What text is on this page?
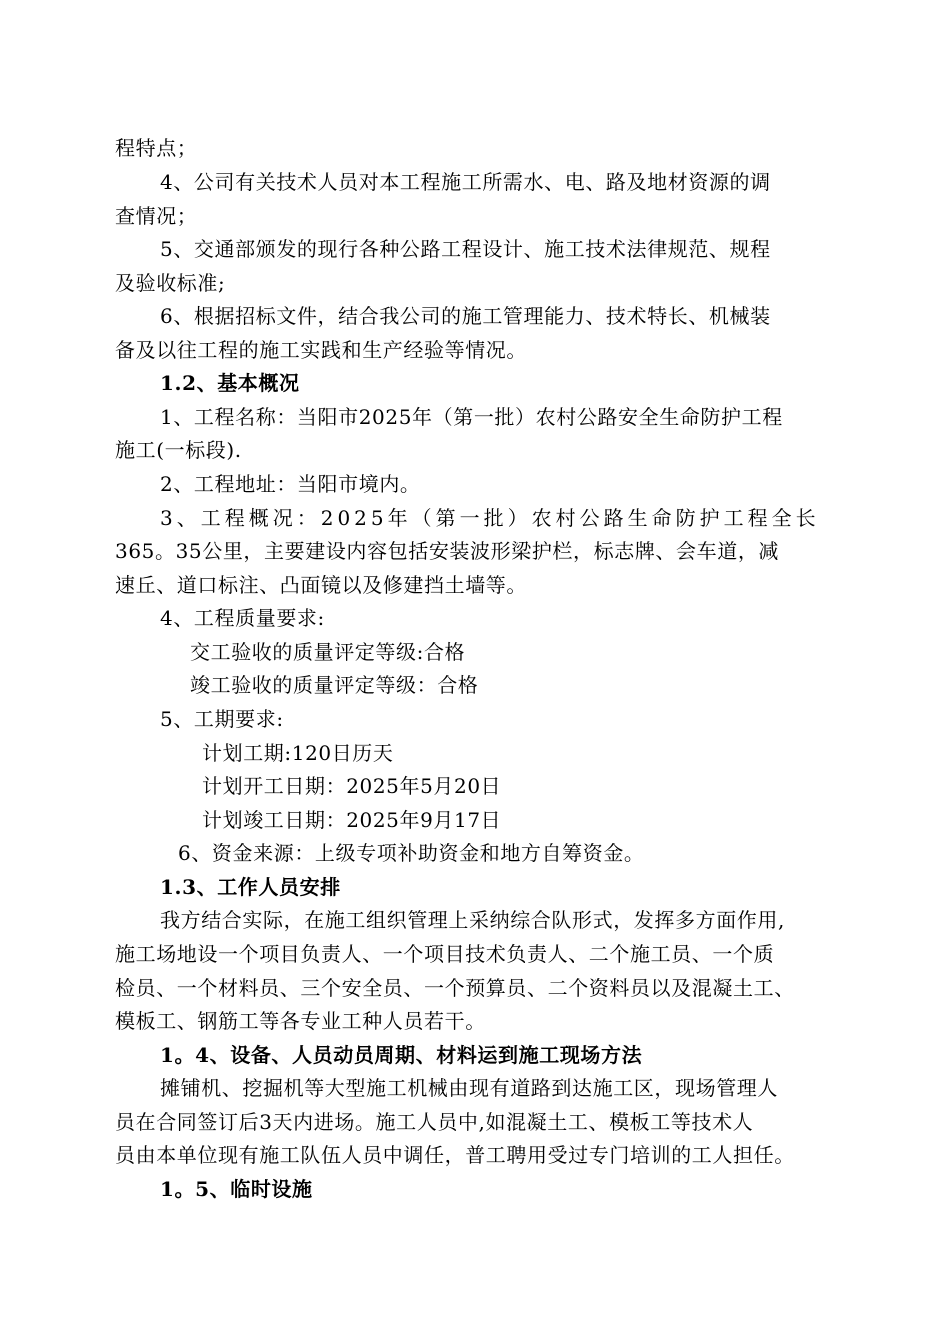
程特点；
4、公司有关技术人员对本工程施工所需水、电、路及地材资源的调
查情况；
5、交通部颁发的现行各种公路工程设计、施工技术法律规范、规程
及验收标准;
6、根据招标文件，结合我公司的施工管理能力、技术特长、机械装
备及以往工程的施工实践和生产经验等情况。
1.2、基本概况
1、工程名称：当阳市2025年（第一批）农村公路安全生命防护工程
施工(一标段).
2、工程地址：当阳市境内。
3、工程概况：2025年（第一批）农村公路生命防护工程全长
365。35公里，主要建设内容包括安装波形梁护栏，标志牌、会车道，减
速丘、道口标注、凸面镜以及修建挡土墙等。
4、工程质量要求:
交工验收的质量评定等级:合格
竣工验收的质量评定等级：合格
5、工期要求:
计划工期:120日历天
计划开工日期：2025年5月20日
计划竣工日期：2025年9月17日
6、资金来源：上级专项补助资金和地方自筹资金。
1.3、工作人员安排
我方结合实际，在施工组织管理上采纳综合队形式，发挥多方面作用,
施工场地设一个项目负责人、一个项目技术负责人、二个施工员、一个质
检员、一个材料员、三个安全员、一个预算员、二个资料员以及混凝土工、
模板工、钢筋工等各专业工种人员若干。
1。4、设备、人员动员周期、材料运到施工现场方法
摊铺机、挖掘机等大型施工机械由现有道路到达施工区，现场管理人
员在合同签订后3天内进场。施工人员中,如混凝土工、模板工等技术人
员由本单位现有施工队伍人员中调任，普工聘用受过专门培训的工人担任。
1。5、临时设施
